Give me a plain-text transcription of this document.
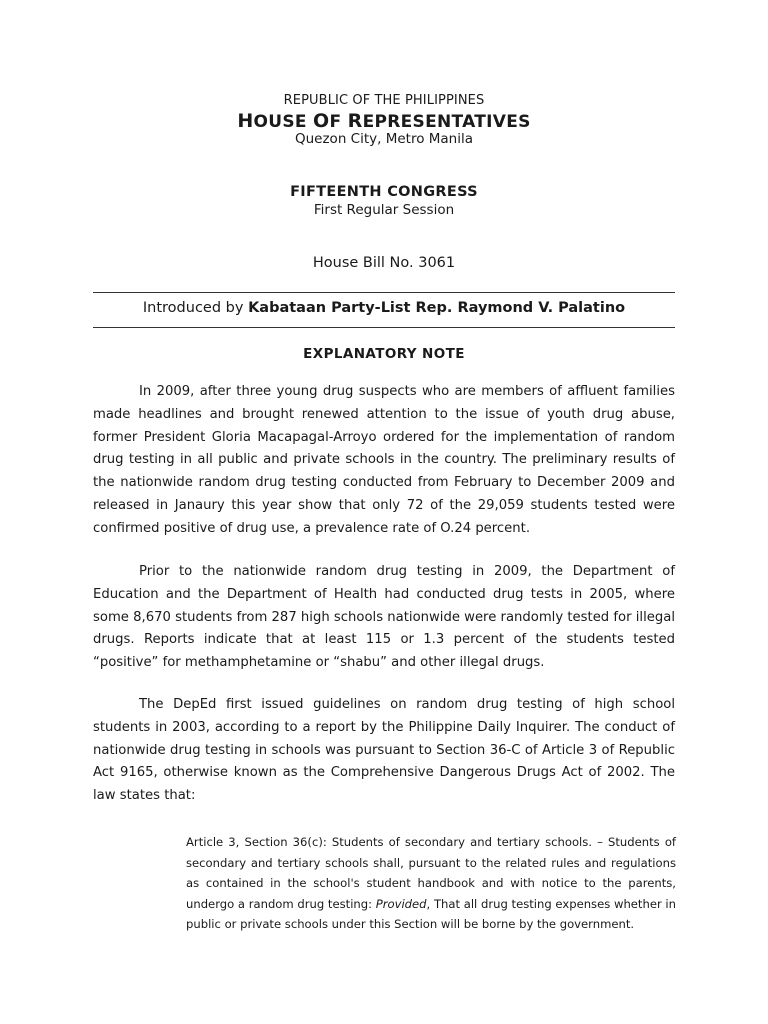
REPUBLIC OF THE PHILIPPINES
HOUSE OF REPRESENTATIVES
Quezon City, Metro Manila
FIFTEENTH CONGRESS
First Regular Session
House Bill No. 3061
Introduced by Kabataan Party-List Rep. Raymond V. Palatino
EXPLANATORY NOTE

In 2009, after three young drug suspects who are members of affluent families made headlines and brought renewed attention to the issue of youth drug abuse, former President Gloria Macapagal-Arroyo ordered for the implementation of random drug testing in all public and private schools in the country. The preliminary results of the nationwide random drug testing conducted from February to December 2009 and released in Janaury this year show that only 72 of the 29,059 students tested were confirmed positive of drug use, a prevalence rate of O.24 percent.

Prior to the nationwide random drug testing in 2009, the Department of Education and the Department of Health had conducted drug tests in 2005, where some 8,670 students from 287 high schools nationwide were randomly tested for illegal drugs. Reports indicate that at least 115 or 1.3 percent of the students tested “positive” for methamphetamine or “shabu” and other illegal drugs.

The DepEd first issued guidelines on random drug testing of high school students in 2003, according to a report by the Philippine Daily Inquirer. The conduct of nationwide drug testing in schools was pursuant to Section 36-C of Article 3 of Republic Act 9165, otherwise known as the Comprehensive Dangerous Drugs Act of 2002. The law states that:

Article 3, Section 36(c): Students of secondary and tertiary schools. – Students of secondary and tertiary schools shall, pursuant to the related rules and regulations as contained in the school's student handbook and with notice to the parents, undergo a random drug testing: Provided, That all drug testing expenses whether in public or private schools under this Section will be borne by the government.
